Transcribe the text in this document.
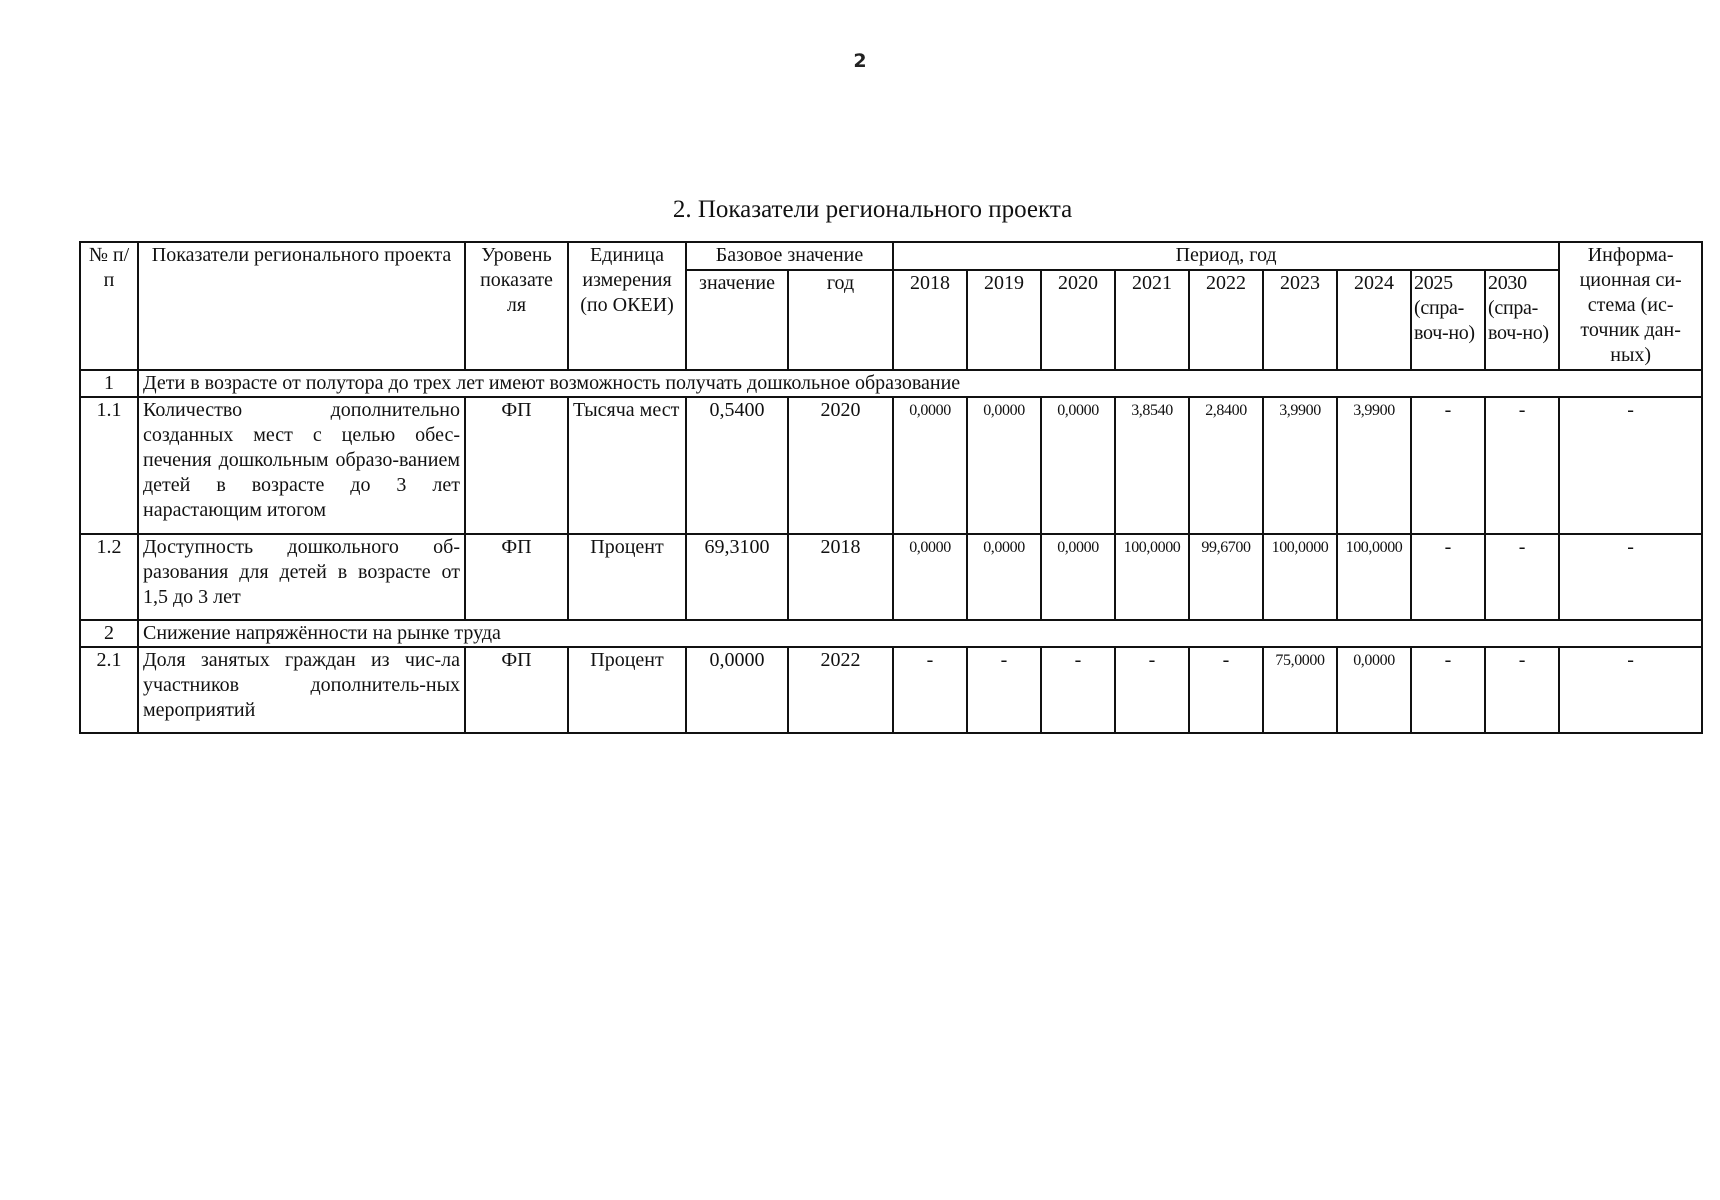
2
2. Показатели регионального проекта
№ п/п	Показатели регионального проекта	Уровень показате ля	Единица измерения (по ОКЕИ)	Базовое значение		Период, год									Информа-ционная си-стема (ис-точник дан-ных)
				значение	год	2018	2019	2020	2021	2022	2023	2024	2025 (спра-воч-но)	2030 (спра-воч-но)	
1	Дети в возрасте от полутора до трех лет имеют возможность получать дошкольное образование														
1.1	Количество дополнительно созданных мест с целью обес-печения дошкольным образо-ванием детей в возрасте до 3 лет нарастающим итогом	ФП	Тысяча мест	0,5400	2020	0,0000	0,0000	0,0000	3,8540	2,8400	3,9900	3,9900	-	-	-
1.2	Доступность дошкольного об-разования для детей в возрасте от 1,5 до 3 лет	ФП	Процент	69,3100	2018	0,0000	0,0000	0,0000	100,0000	99,6700	100,0000	100,0000	-	-	-
2	Снижение напряжённости на рынке труда														
2.1	Доля занятых граждан из чис-ла участников дополнитель-ных мероприятий	ФП	Процент	0,0000	2022	-	-	-	-	-	75,0000	0,0000	-	-	-
